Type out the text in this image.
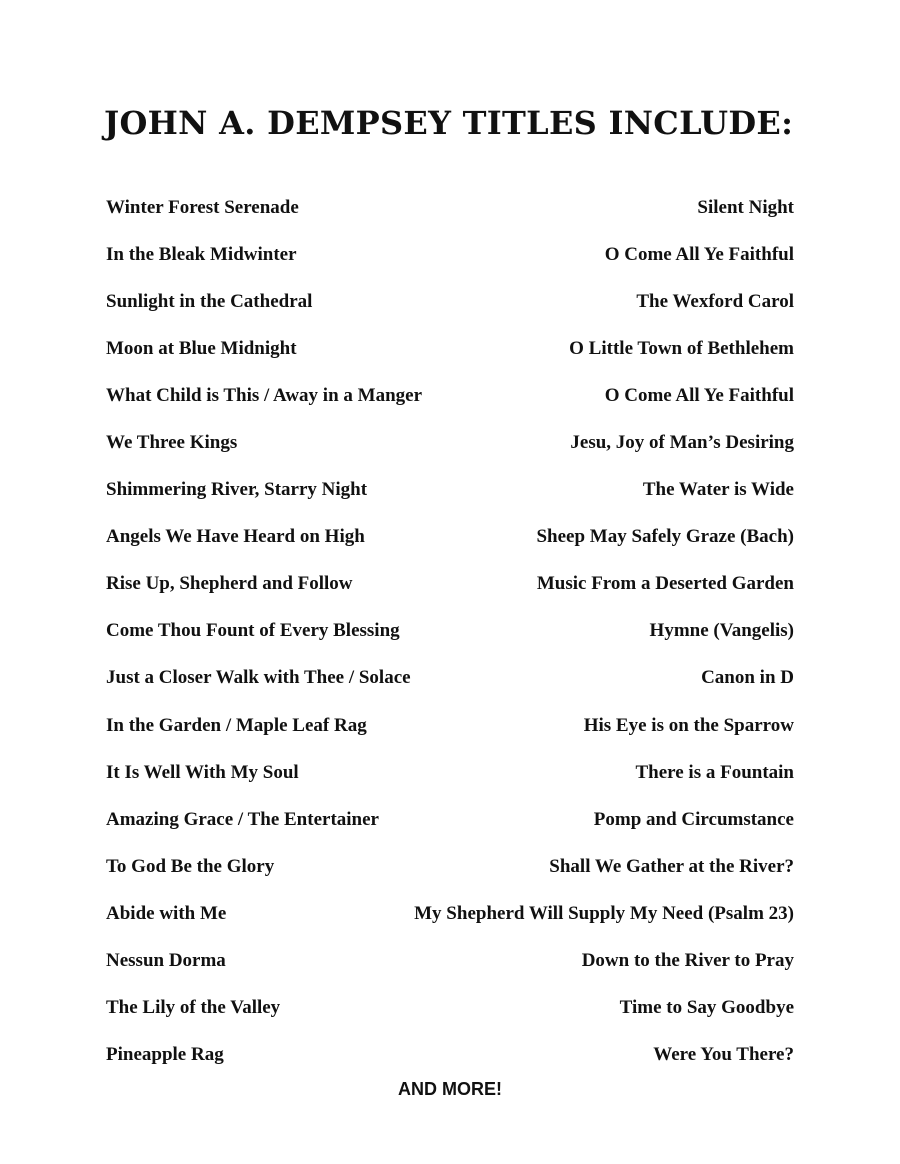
JOHN A. DEMPSEY TITLES INCLUDE:
Winter Forest Serenade	Silent Night
In the Bleak Midwinter	O Come All Ye Faithful
Sunlight in the Cathedral	The Wexford Carol
Moon at Blue Midnight	O Little Town of Bethlehem
What Child is This / Away in a Manger	O Come All Ye Faithful
We Three Kings	Jesu, Joy of Man’s Desiring
Shimmering River, Starry Night	The Water is Wide
Angels We Have Heard on High	Sheep May Safely Graze (Bach)
Rise Up, Shepherd and Follow	Music From a Deserted Garden
Come Thou Fount of Every Blessing	Hymne (Vangelis)
Just a Closer Walk with Thee / Solace	Canon in D
In the Garden / Maple Leaf Rag	His Eye is on the Sparrow
It Is Well With My Soul	There is a Fountain
Amazing Grace / The Entertainer	Pomp and Circumstance
To God Be the Glory	Shall We Gather at the River?
Abide with Me	My Shepherd Will Supply My Need (Psalm 23)
Nessun Dorma	Down to the River to Pray
The Lily of the Valley	Time to Say Goodbye
Pineapple Rag	Were You There?
AND MORE!
